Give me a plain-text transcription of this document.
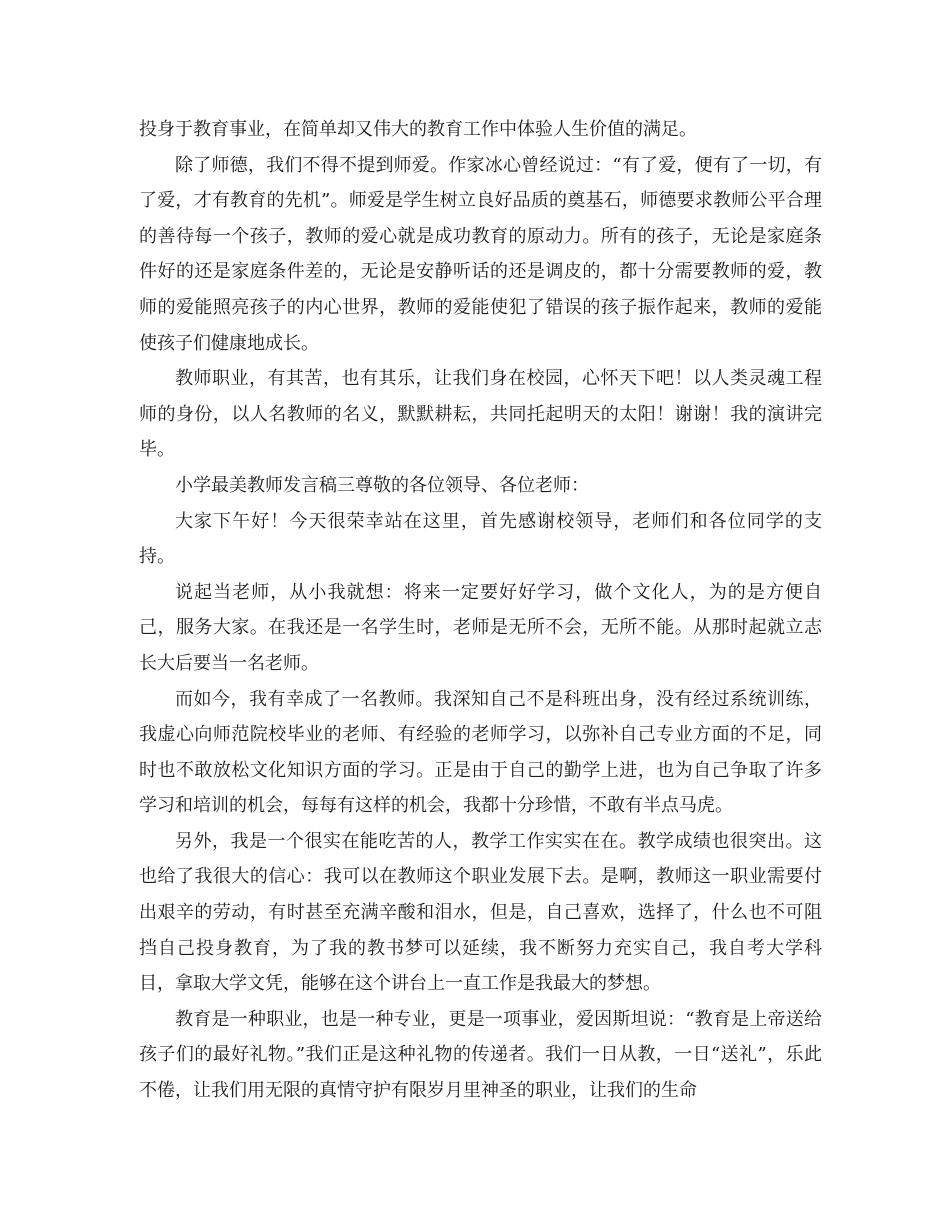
投身于教育事业，在简单却又伟大的教育工作中体验人生价值的满足。

除了师德，我们不得不提到师爱。作家冰心曾经说过：“有了爱，便有了一切，有了爱，才有教育的先机”。师爱是学生树立良好品质的奠基石，师德要求教师公平合理的善待每一个孩子，教师的爱心就是成功教育的原动力。所有的孩子，无论是家庭条件好的还是家庭条件差的，无论是安静听话的还是调皮的，都十分需要教师的爱，教师的爱能照亮孩子的内心世界，教师的爱能使犯了错误的孩子振作起来，教师的爱能使孩子们健康地成长。

教师职业，有其苦，也有其乐，让我们身在校园，心怀天下吧！以人类灵魂工程师的身份，以人名教师的名义，默默耕耘，共同托起明天的太阳！谢谢！我的演讲完毕。

小学最美教师发言稿三尊敬的各位领导、各位老师：

大家下午好！今天很荣幸站在这里，首先感谢校领导，老师们和各位同学的支持。

说起当老师，从小我就想：将来一定要好好学习，做个文化人，为的是方便自己，服务大家。在我还是一名学生时，老师是无所不会，无所不能。从那时起就立志长大后要当一名老师。

而如今，我有幸成了一名教师。我深知自己不是科班出身，没有经过系统训练，我虚心向师范院校毕业的老师、有经验的老师学习，以弥补自己专业方面的不足，同时也不敢放松文化知识方面的学习。正是由于自己的勤学上进，也为自己争取了许多学习和培训的机会，每每有这样的机会，我都十分珍惜，不敢有半点马虎。

另外，我是一个很实在能吃苦的人，教学工作实实在在。教学成绩也很突出。这也给了我很大的信心：我可以在教师这个职业发展下去。是啊，教师这一职业需要付出艰辛的劳动，有时甚至充满辛酸和泪水，但是，自己喜欢，选择了，什么也不可阻挡自己投身教育，为了我的教书梦可以延续，我不断努力充实自己，我自考大学科目，拿取大学文凭，能够在这个讲台上一直工作是我最大的梦想。

教育是一种职业，也是一种专业，更是一项事业，爱因斯坦说：“教育是上帝送给孩子们的最好礼物。”我们正是这种礼物的传递者。我们一日从教，一日“送礼”，乐此不倦，让我们用无限的真情守护有限岁月里神圣的职业，让我们的生命
